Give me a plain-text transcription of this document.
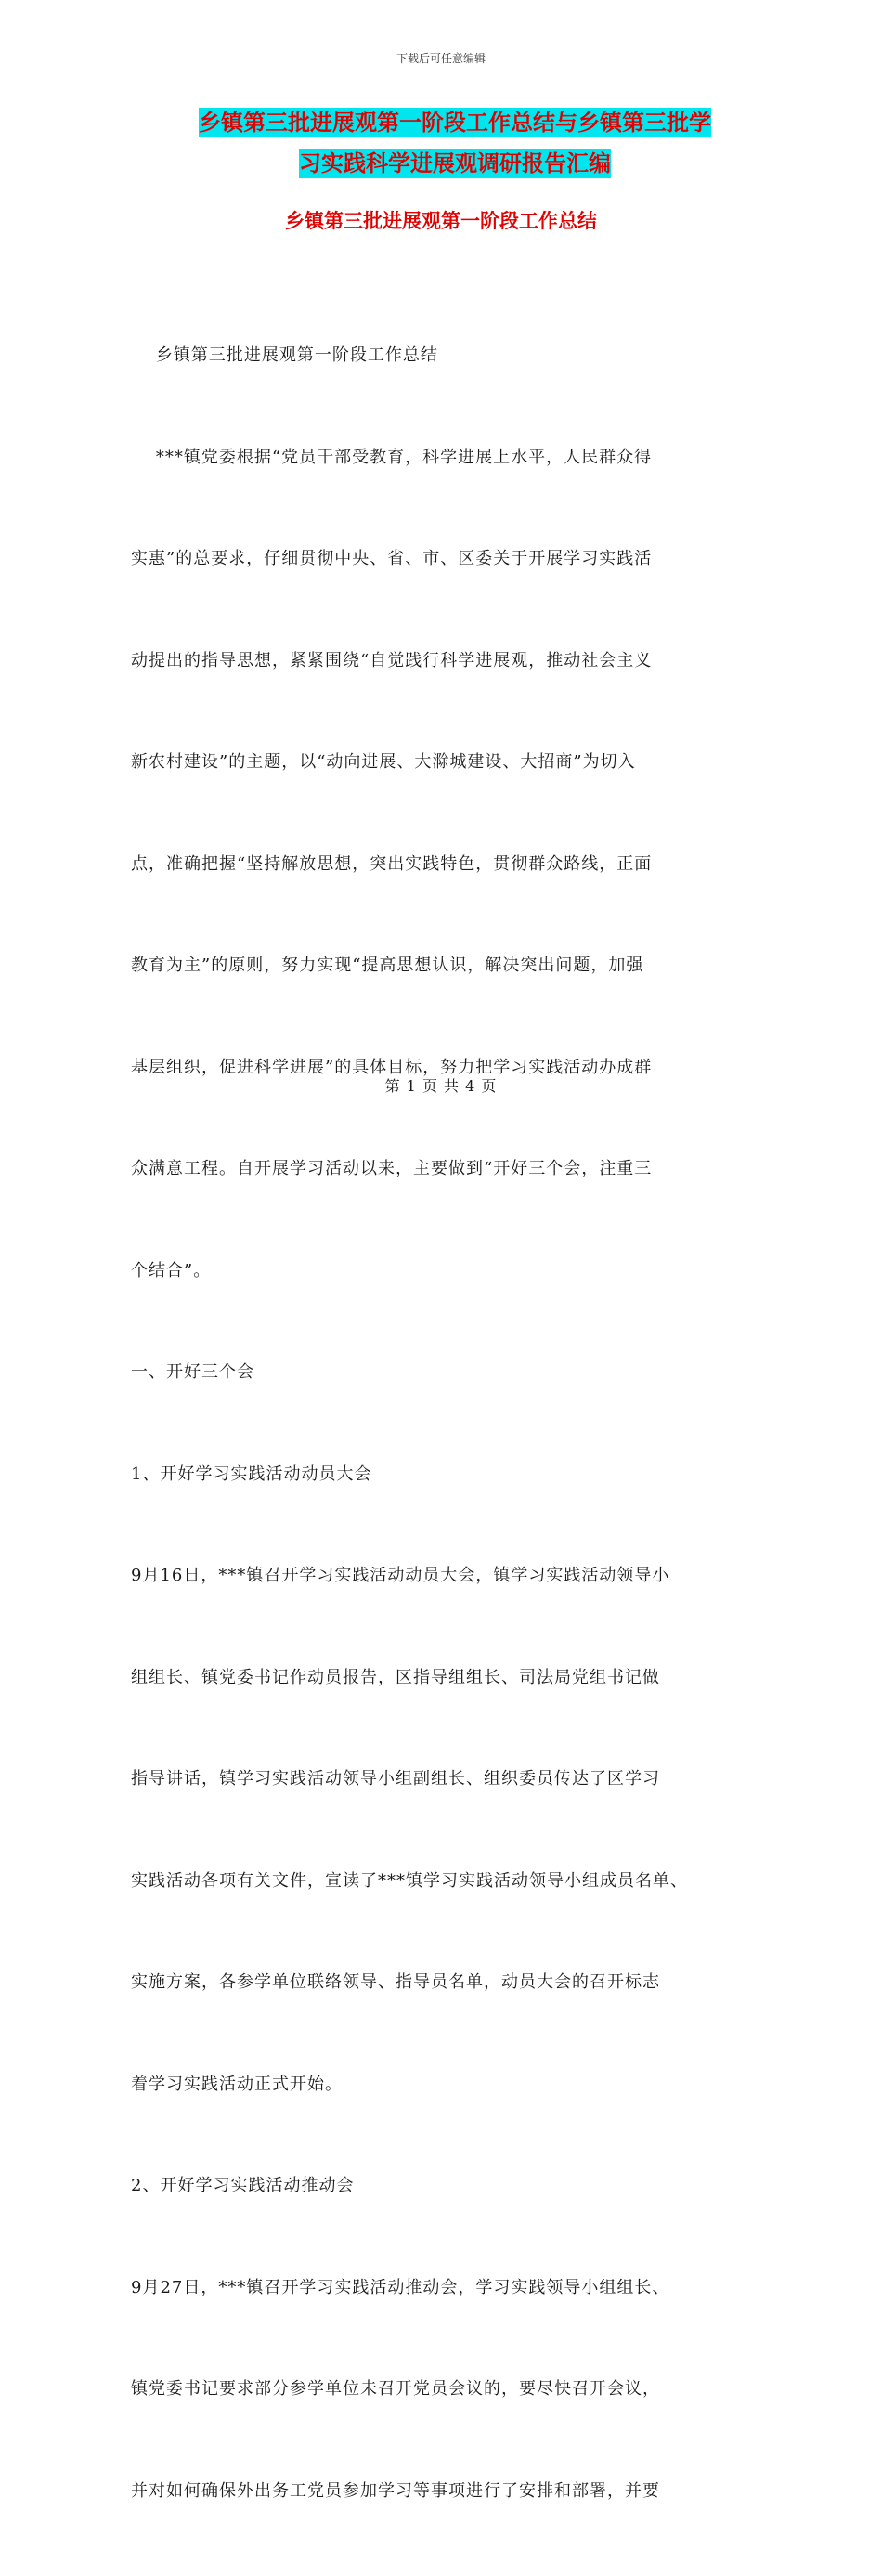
下载后可任意编辑
乡镇第三批进展观第一阶段工作总结与乡镇第三批学
习实践科学进展观调研报告汇编
乡镇第三批进展观第一阶段工作总结

乡镇第三批进展观第一阶段工作总结

***镇党委根据“党员干部受教育，科学进展上水平，人民群众得

实惠”的总要求，仔细贯彻中央、省、市、区委关于开展学习实践活

动提出的指导思想，紧紧围绕“自觉践行科学进展观，推动社会主义

新农村建设”的主题，以“动向进展、大滁城建设、大招商”为切入

点，准确把握“坚持解放思想，突出实践特色，贯彻群众路线，正面

教育为主”的原则，努力实现“提高思想认识，解决突出问题，加强

基层组织，促进科学进展”的具体目标，努力把学习实践活动办成群

众满意工程。自开展学习活动以来，主要做到“开好三个会，注重三

个结合”。

一、开好三个会

1、开好学习实践活动动员大会

9月16日，***镇召开学习实践活动动员大会，镇学习实践活动领导小

组组长、镇党委书记作动员报告，区指导组组长、司法局党组书记做

指导讲话，镇学习实践活动领导小组副组长、组织委员传达了区学习

实践活动各项有关文件，宣读了***镇学习实践活动领导小组成员名单、

实施方案，各参学单位联络领导、指导员名单，动员大会的召开标志

着学习实践活动正式开始。

2、开好学习实践活动推动会

9月27日，***镇召开学习实践活动推动会，学习实践领导小组组长、

镇党委书记要求部分参学单位未召开党员会议的，要尽快召开会议，

并对如何确保外出务工党员参加学习等事项进行了安排和部署，并要

第 1 页 共 4 页
